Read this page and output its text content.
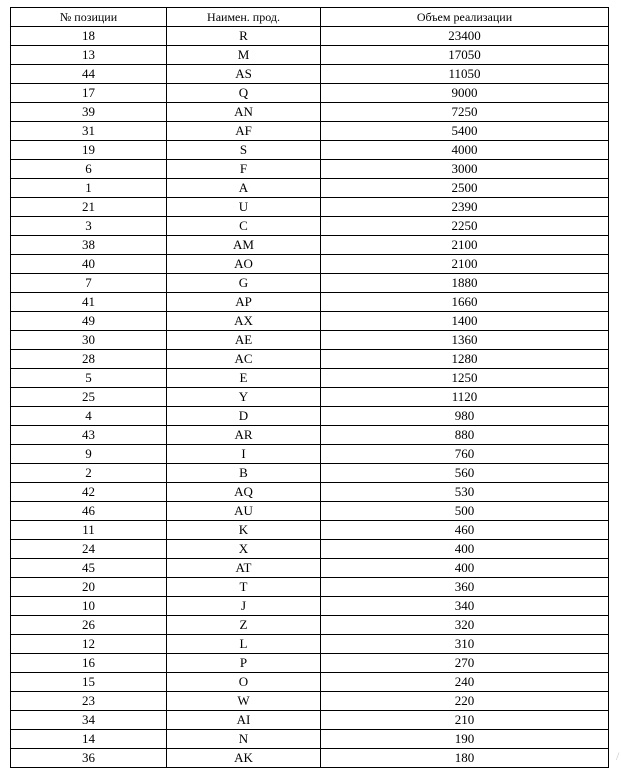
№ позиции	Наимен. прод.	Объем реализации
18	R	23400
13	M	17050
44	AS	11050
17	Q	9000
39	AN	7250
31	AF	5400
19	S	4000
6	F	3000
1	A	2500
21	U	2390
3	C	2250
38	AM	2100
40	AO	2100
7	G	1880
41	AP	1660
49	AX	1400
30	AE	1360
28	AC	1280
5	E	1250
25	Y	1120
4	D	980
43	AR	880
9	I	760
2	B	560
42	AQ	530
46	AU	500
11	K	460
24	X	400
45	AT	400
20	T	360
10	J	340
26	Z	320
12	L	310
16	P	270
15	O	240
23	W	220
34	AI	210
14	N	190
36	AK	180	/
